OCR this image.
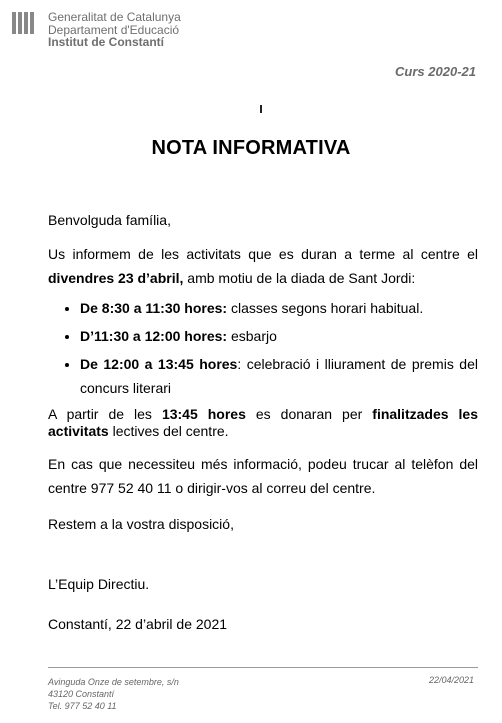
Generalitat de Catalunya
Departament d'Educació
Institut de Constantí
Curs 2020-21
NOTA INFORMATIVA

Benvolguda família,

Us informem de les activitats que es duran a terme al centre el divendres 23 d’abril, amb motiu de la diada de Sant Jordi:

• De 8:30 a 11:30 hores: classes segons horari habitual.
• D’11:30 a 12:00 hores: esbarjo
• De 12:00 a 13:45 hores: celebració i lliurament de premis del concurs literari

A partir de les 13:45 hores es donaran per finalitzades les activitats lectives del centre.

En cas que necessiteu més informació, podeu trucar al telèfon del centre 977 52 40 11 o dirigir-vos al correu del centre.

Restem a la vostra disposició,

L’Equip Directiu.

Constantí, 22 d’abril de 2021

Avinguda Onze de setembre, s/n
43120 Constantí
Tel. 977 52 40 11
22/04/2021
